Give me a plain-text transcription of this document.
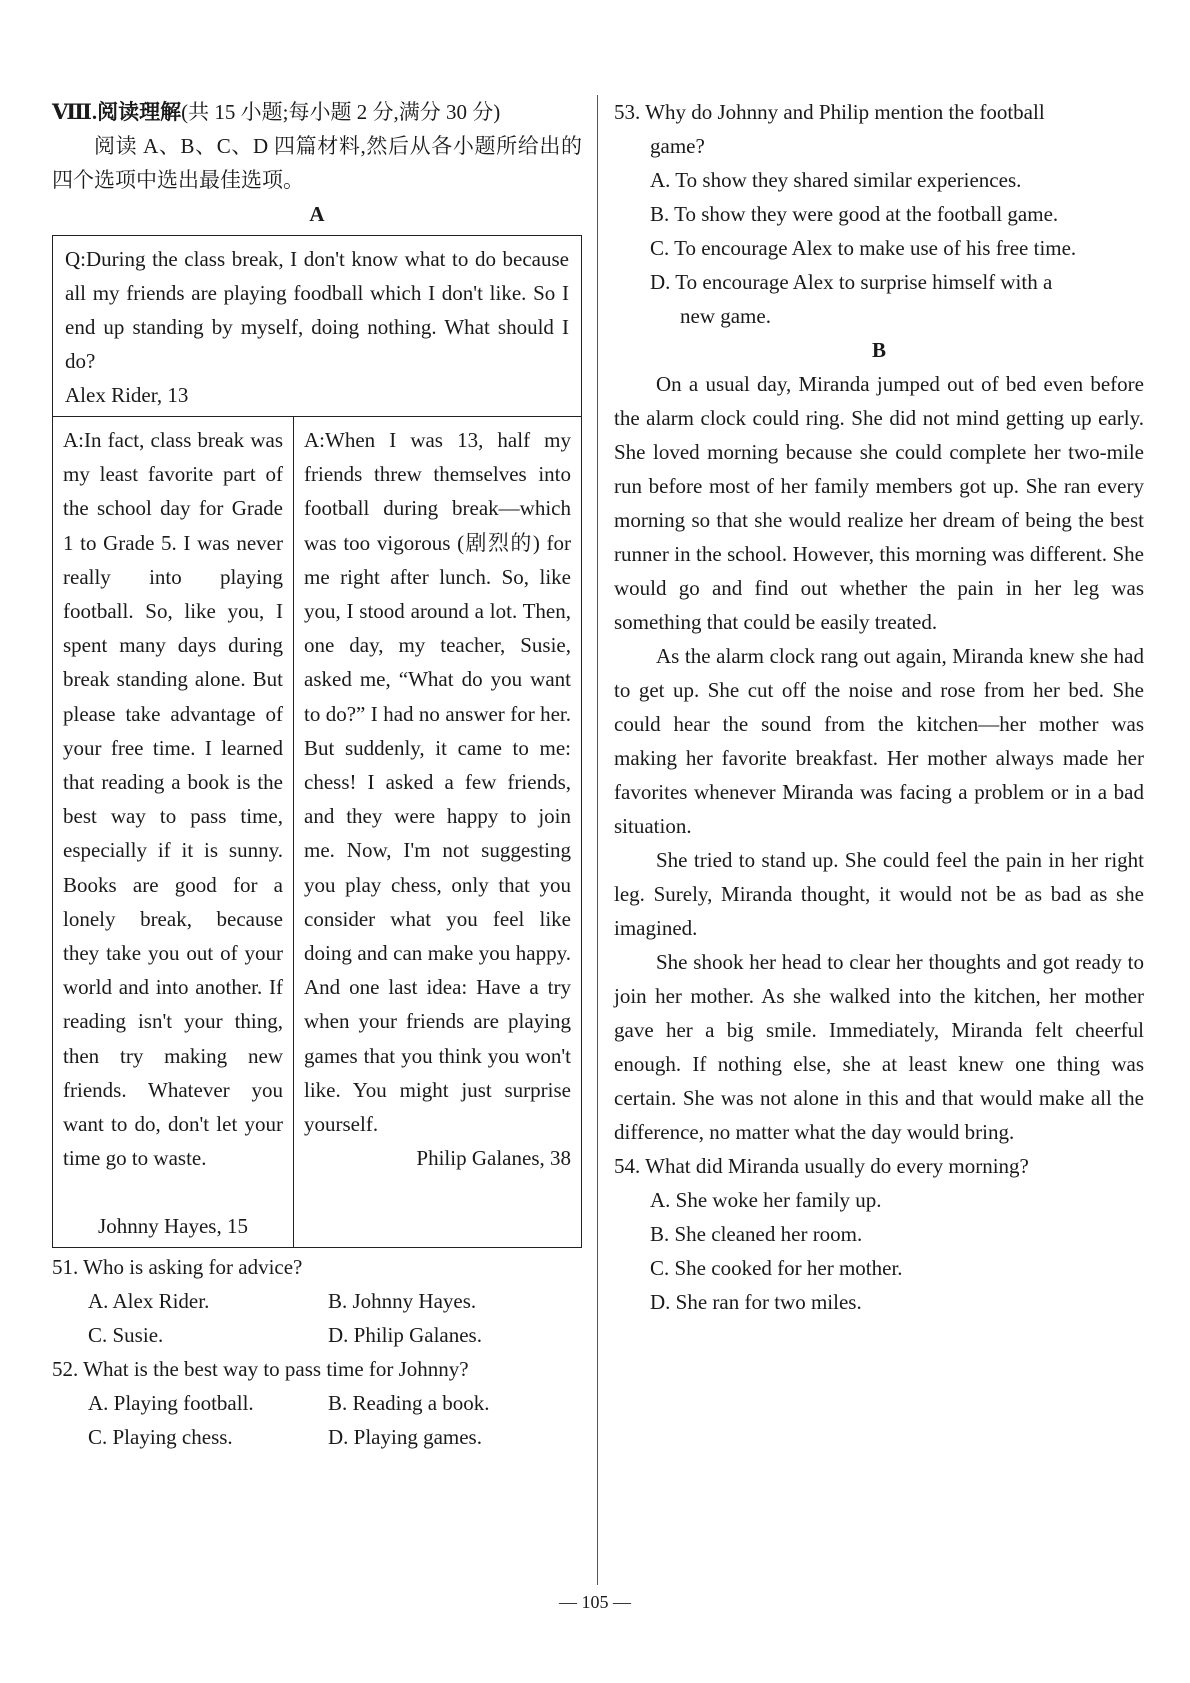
Ⅷ.阅读理解(共 15 小题;每小题 2 分,满分 30 分)

阅读 A、B、C、D 四篇材料,然后从各小题所给出的四个选项中选出最佳选项。

A

Q:During the class break, I don't know what to do because all my friends are playing foodball which I don't like. So I end up standing by myself, doing nothing. What should I do?

Alex Rider, 13

A:In fact, class break was my least favorite part of the school day for Grade 1 to Grade 5. I was never really into playing football. So, like you, I spent many days during break standing alone. But please take advantage of your free time. I learned that reading a book is the best way to pass time, especially if it is sunny. Books are good for a lonely break, because they take you out of your world and into another. If reading isn't your thing, then try making new friends. Whatever you want to do, don't let your time go to waste.

Johnny Hayes, 15

A:When I was 13, half my friends threw themselves into football during break—which was too vigorous (剧烈的) for me right after lunch. So, like you, I stood around a lot. Then, one day, my teacher, Susie, asked me, “What do you want to do?” I had no answer for her. But suddenly, it came to me: chess! I asked a few friends, and they were happy to join me. Now, I'm not suggesting you play chess, only that you consider what you feel like doing and can make you happy. And one last idea: Have a try when your friends are playing games that you think you won't like. You might just surprise yourself.

Philip Galanes, 38

51. Who is asking for advice?

A. Alex Rider.	B. Johnny Hayes.
C. Susie.	D. Philip Galanes.

52. What is the best way to pass time for Johnny?

A. Playing football.	B. Reading a book.
C. Playing chess.	D. Playing games.

53. Why do Johnny and Philip mention the football

game?

A. To show they shared similar experiences.

B. To show they were good at the football game.

C. To encourage Alex to make use of his free time.

D. To encourage Alex to surprise himself with a

new game.

B

On a usual day, Miranda jumped out of bed even before the alarm clock could ring. She did not mind getting up early. She loved morning because she could complete her two-mile run before most of her family members got up. She ran every morning so that she would realize her dream of being the best runner in the school. However, this morning was different. She would go and find out whether the pain in her leg was something that could be easily treated.

As the alarm clock rang out again, Miranda knew she had to get up. She cut off the noise and rose from her bed. She could hear the sound from the kitchen—her mother was making her favorite breakfast. Her mother always made her favorites whenever Miranda was facing a problem or in a bad situation.

She tried to stand up. She could feel the pain in her right leg. Surely, Miranda thought, it would not be as bad as she imagined.

She shook her head to clear her thoughts and got ready to join her mother. As she walked into the kitchen, her mother gave her a big smile. Immediately, Miranda felt cheerful enough. If nothing else, she at least knew one thing was certain. She was not alone in this and that would make all the difference, no matter what the day would bring.

54. What did Miranda usually do every morning?

A. She woke her family up.

B. She cleaned her room.

C. She cooked for her mother.

D. She ran for two miles.

— 105 —
